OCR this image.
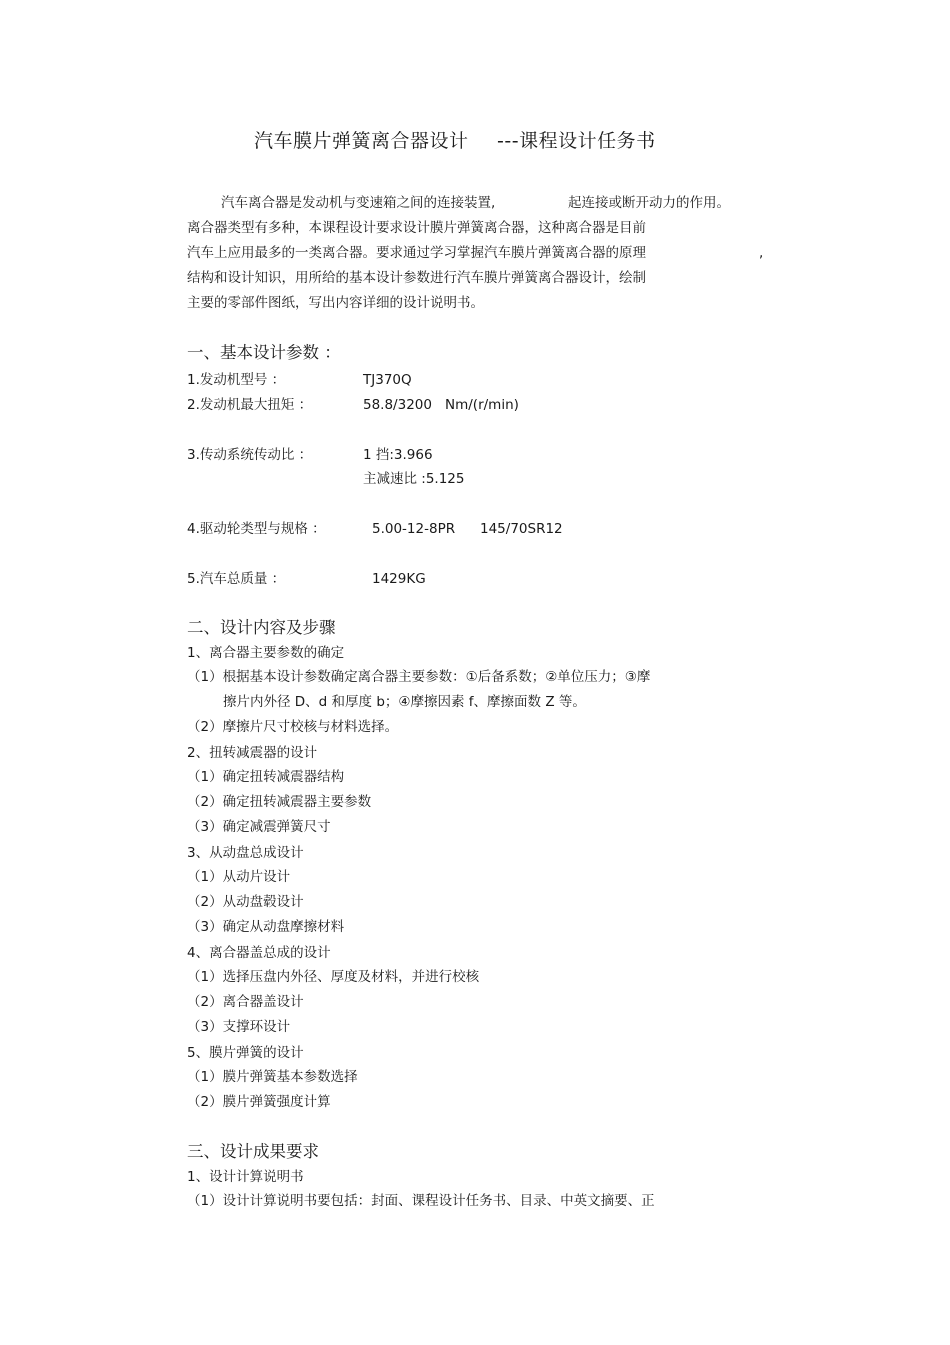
汽车膜片弹簧离合器设计 ---课程设计任务书
汽车离合器是发动机与变速箱之间的连接装置,	起连接或断开动力的作用。
离合器类型有多种，本课程设计要求设计膜片弹簧离合器，这种离合器是目前
汽车上应用最多的一类离合器。要求通过学习掌握汽车膜片弹簧离合器的原理	,
结构和设计知识，用所给的基本设计参数进行汽车膜片弹簧离合器设计，绘制
主要的零部件图纸，写出内容详细的设计说明书。
一、基本设计参数 ：
1.发动机型号 ：	TJ370Q
2.发动机最大扭矩 ：	58.8/3200 Nm/(r/min)
3.传动系统传动比 ：	1 挡:3.966
主减速比 :5.125
4.驱动轮类型与规格 ：	5.00-12-8PR 145/70SR12
5.汽车总质量 ：	1429KG
二、设计内容及步骤
1、离合器主要参数的确定
（1）根据基本设计参数确定离合器主要参数：①后备系数；②单位压力；③摩
擦片内外径 D、d 和厚度 b；④摩擦因素 f、摩擦面数 Z 等。
（2）摩擦片尺寸校核与材料选择。
2、扭转减震器的设计
（1）确定扭转减震器结构
（2）确定扭转减震器主要参数
（3）确定减震弹簧尺寸
3、从动盘总成设计
（1）从动片设计
（2）从动盘毂设计
（3）确定从动盘摩擦材料
4、离合器盖总成的设计
（1）选择压盘内外径、厚度及材料，并进行校核
（2）离合器盖设计
（3）支撑环设计
5、膜片弹簧的设计
（1）膜片弹簧基本参数选择
（2）膜片弹簧强度计算
三、设计成果要求
1、设计计算说明书
（1）设计计算说明书要包括：封面、课程设计任务书、目录、中英文摘要、正
